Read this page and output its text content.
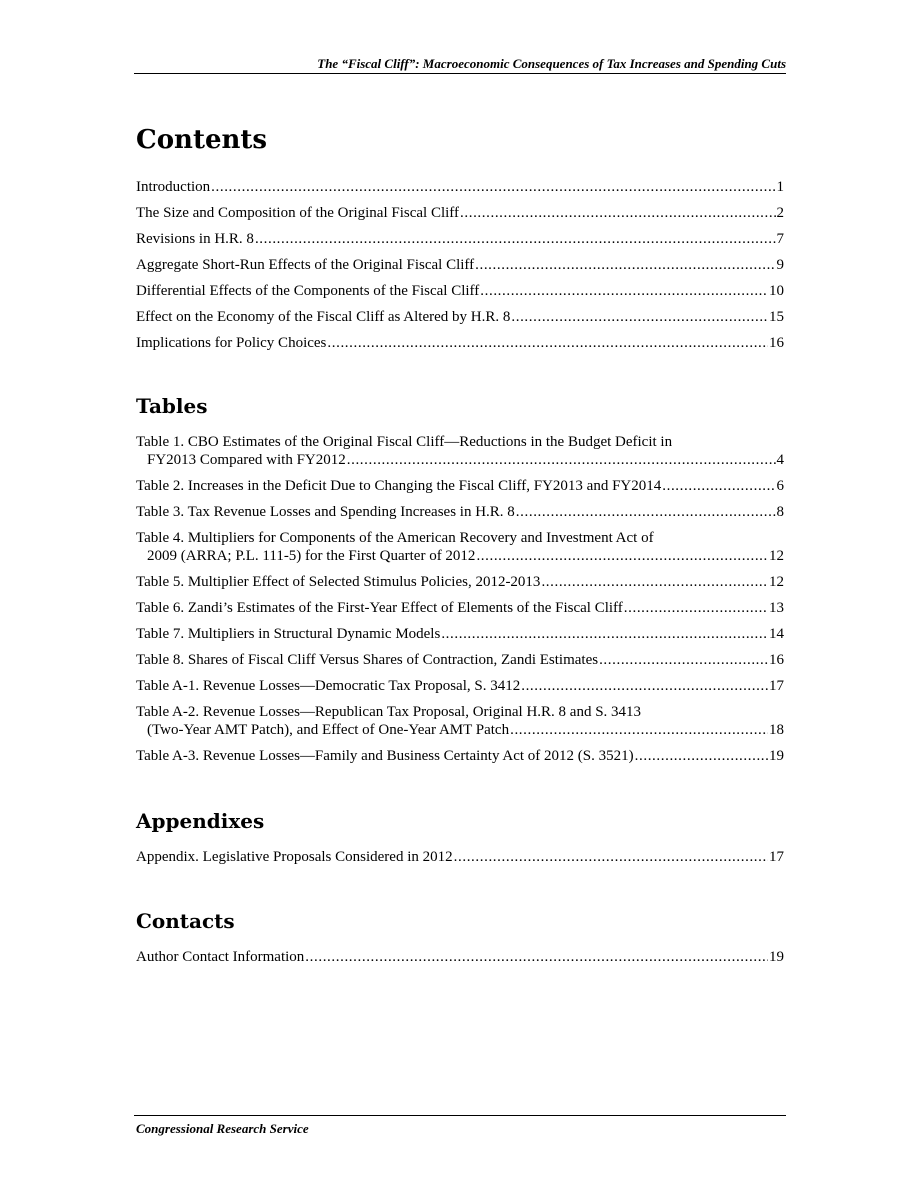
The “Fiscal Cliff”: Macroeconomic Consequences of Tax Increases and Spending Cuts
Contents
Introduction .....	1
The Size and Composition of the Original Fiscal Cliff .....	2
Revisions in H.R. 8 .....	7
Aggregate Short-Run Effects of the Original Fiscal Cliff .....	9
Differential Effects of the Components of the Fiscal Cliff .....	10
Effect on the Economy of the Fiscal Cliff as Altered by H.R. 8 .....	15
Implications for Policy Choices .....	16
Tables
Table 1. CBO Estimates of the Original Fiscal Cliff—Reductions in the Budget Deficit in
FY2013 Compared with FY2012 .....	4
Table 2. Increases in the Deficit Due to Changing the Fiscal Cliff, FY2013 and FY2014 .....	6
Table 3. Tax Revenue Losses and Spending Increases in H.R. 8 .....	8
Table 4. Multipliers for Components of the American Recovery and Investment Act of
2009 (ARRA; P.L. 111-5) for the First Quarter of 2012 .....	12
Table 5. Multiplier Effect of Selected Stimulus Policies, 2012-2013 .....	12
Table 6. Zandi’s Estimates of the First-Year Effect of Elements of the Fiscal Cliff .....	13
Table 7. Multipliers in Structural Dynamic Models .....	14
Table 8. Shares of Fiscal Cliff Versus Shares of Contraction, Zandi Estimates .....	16
Table A-1. Revenue Losses—Democratic Tax Proposal, S. 3412 .....	17
Table A-2. Revenue Losses—Republican Tax Proposal, Original H.R. 8 and S. 3413
(Two-Year AMT Patch), and Effect of One-Year AMT Patch .....	18
Table A-3. Revenue Losses—Family and Business Certainty Act of 2012 (S. 3521) .....	19
Appendixes
Appendix. Legislative Proposals Considered in 2012 .....	17
Contacts
Author Contact Information .....	19
Congressional Research Service
